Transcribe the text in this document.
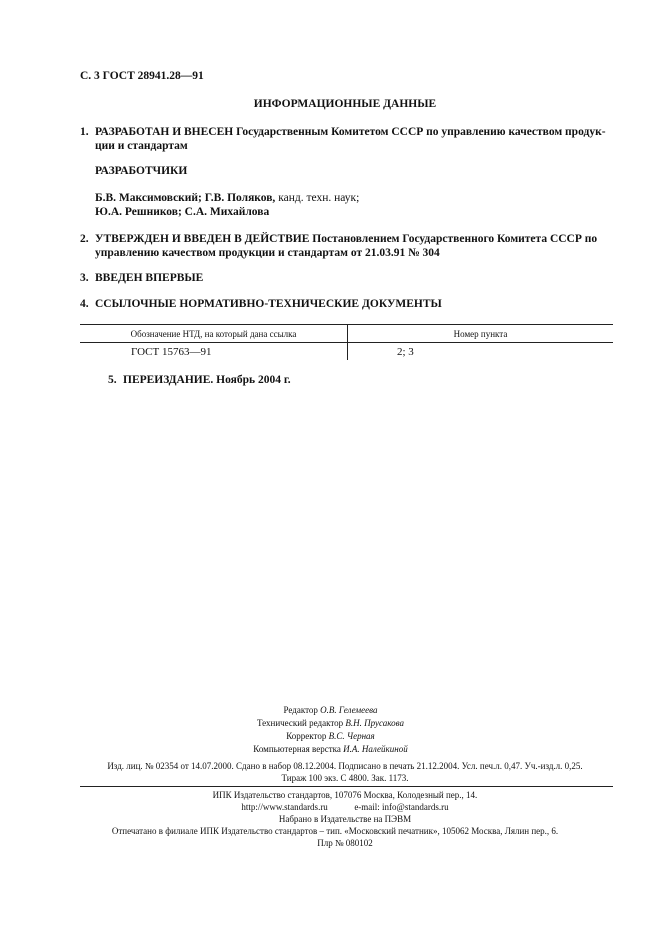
С. 3 ГОСТ 28941.28—91
ИНФОРМАЦИОННЫЕ ДАННЫЕ
1. РАЗРАБОТАН И ВНЕСЕН Государственным Комитетом СССР по управлению качеством продук-
ции и стандартам
РАЗРАБОТЧИКИ
Б.В. Максимовский; Г.В. Поляков, канд. техн. наук;
Ю.А. Решников; С.А. Михайлова
2. УТВЕРЖДЕН И ВВЕДЕН В ДЕЙСТВИЕ Постановлением Государственного Комитета СССР по
управлению качеством продукции и стандартам от 21.03.91 № 304
3. ВВЕДЕН ВПЕРВЫЕ
4. ССЫЛОЧНЫЕ НОРМАТИВНО-ТЕХНИЧЕСКИЕ ДОКУМЕНТЫ
Обозначение НТД, на который дана ссылка	Номер пункта
ГОСТ 15763—91	2; 3
5. ПЕРЕИЗДАНИЕ. Ноябрь 2004 г.
Редактор О.В. Гелемеева
Технический редактор В.Н. Прусакова
Корректор В.С. Черная
Компьютерная верстка И.А. Налейкиной
Изд. лиц. № 02354 от 14.07.2000. Сдано в набор 08.12.2004. Подписано в печать 21.12.2004. Усл. печ.л. 0,47. Уч.-изд.л. 0,25.
Тираж 100 экз. С 4800. Зак. 1173.
ИПК Издательство стандартов, 107076 Москва, Колодезный пер., 14.
http://www.standards.ru	e-mail: info@standards.ru
Набрано в Издательстве на ПЭВМ
Отпечатано в филиале ИПК Издательство стандартов – тип. «Московский печатник», 105062 Москва, Лялин пер., 6.
Плр № 080102
